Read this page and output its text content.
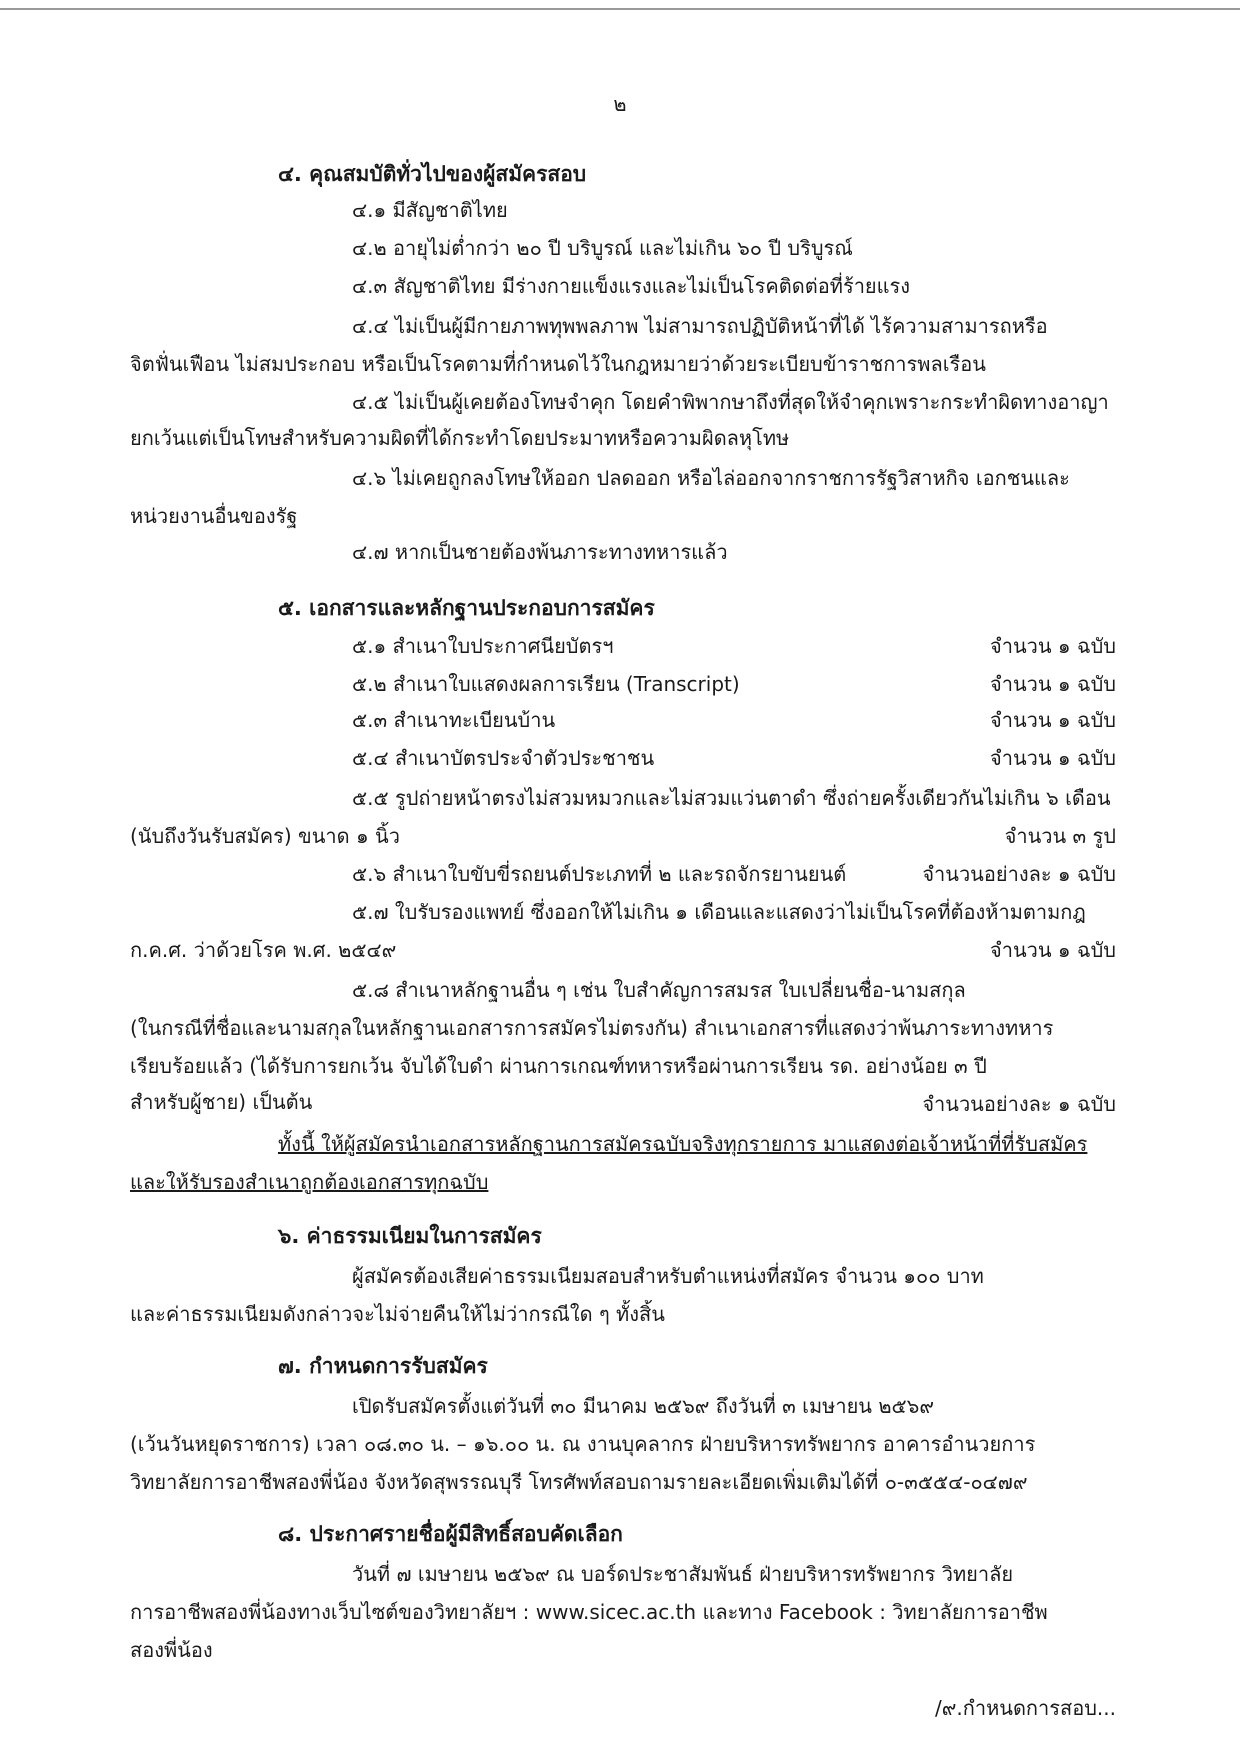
๒
๔. คุณสมบัติทั่วไปของผู้สมัครสอบ
๔.๑ มีสัญชาติไทย
๔.๒ อายุไม่ต่ำกว่า ๒๐ ปี บริบูรณ์ และไม่เกิน ๖๐ ปี บริบูรณ์
๔.๓ สัญชาติไทย มีร่างกายแข็งแรงและไม่เป็นโรคติดต่อที่ร้ายแรง
๔.๔ ไม่เป็นผู้มีกายภาพทุพพลภาพ ไม่สามารถปฏิบัติหน้าที่ได้ ไร้ความสามารถหรือ
จิตฟั่นเฟือน ไม่สมประกอบ หรือเป็นโรคตามที่กำหนดไว้ในกฎหมายว่าด้วยระเบียบข้าราชการพลเรือน
๔.๕ ไม่เป็นผู้เคยต้องโทษจำคุก โดยคำพิพากษาถึงที่สุดให้จำคุกเพราะกระทำผิดทางอาญา
ยกเว้นแต่เป็นโทษสำหรับความผิดที่ได้กระทำโดยประมาทหรือความผิดลหุโทษ
๔.๖ ไม่เคยถูกลงโทษให้ออก ปลดออก หรือไล่ออกจากราชการรัฐวิสาหกิจ เอกชนและ
หน่วยงานอื่นของรัฐ
๔.๗ หากเป็นชายต้องพ้นภาระทางทหารแล้ว
๕. เอกสารและหลักฐานประกอบการสมัคร
๕.๑ สำเนาใบประกาศนียบัตรฯ	จำนวน ๑ ฉบับ
๕.๒ สำเนาใบแสดงผลการเรียน (Transcript)	จำนวน ๑ ฉบับ
๕.๓ สำเนาทะเบียนบ้าน	จำนวน ๑ ฉบับ
๕.๔ สำเนาบัตรประจำตัวประชาชน	จำนวน ๑ ฉบับ
๕.๕ รูปถ่ายหน้าตรงไม่สวมหมวกและไม่สวมแว่นตาดำ ซึ่งถ่ายครั้งเดียวกันไม่เกิน ๖ เดือน
(นับถึงวันรับสมัคร) ขนาด ๑ นิ้ว	จำนวน ๓ รูป
๕.๖ สำเนาใบขับขี่รถยนต์ประเภทที่ ๒ และรถจักรยานยนต์	จำนวนอย่างละ ๑ ฉบับ
๕.๗ ใบรับรองแพทย์ ซึ่งออกให้ไม่เกิน ๑ เดือนและแสดงว่าไม่เป็นโรคที่ต้องห้ามตามกฎ
ก.ค.ศ. ว่าด้วยโรค พ.ศ. ๒๕๔๙	จำนวน ๑ ฉบับ
๕.๘ สำเนาหลักฐานอื่น ๆ เช่น ใบสำคัญการสมรส ใบเปลี่ยนชื่อ-นามสกุล
(ในกรณีที่ชื่อและนามสกุลในหลักฐานเอกสารการสมัครไม่ตรงกัน) สำเนาเอกสารที่แสดงว่าพ้นภาระทางทหาร
เรียบร้อยแล้ว (ได้รับการยกเว้น จับได้ใบดำ ผ่านการเกณฑ์ทหารหรือผ่านการเรียน รด. อย่างน้อย ๓ ปี
สำหรับผู้ชาย) เป็นต้น	จำนวนอย่างละ ๑ ฉบับ
ทั้งนี้ ให้ผู้สมัครนำเอกสารหลักฐานการสมัครฉบับจริงทุกรายการ มาแสดงต่อเจ้าหน้าที่ที่รับสมัคร
และให้รับรองสำเนาถูกต้องเอกสารทุกฉบับ
๖. ค่าธรรมเนียมในการสมัคร
ผู้สมัครต้องเสียค่าธรรมเนียมสอบสำหรับตำแหน่งที่สมัคร จำนวน ๑๐๐ บาท
และค่าธรรมเนียมดังกล่าวจะไม่จ่ายคืนให้ไม่ว่ากรณีใด ๆ ทั้งสิ้น
๗. กำหนดการรับสมัคร
เปิดรับสมัครตั้งแต่วันที่ ๓๐ มีนาคม ๒๕๖๙ ถึงวันที่ ๓ เมษายน ๒๕๖๙
(เว้นวันหยุดราชการ) เวลา ๐๘.๓๐ น. – ๑๖.๐๐ น. ณ งานบุคลากร ฝ่ายบริหารทรัพยากร อาคารอำนวยการ
วิทยาลัยการอาชีพสองพี่น้อง จังหวัดสุพรรณบุรี โทรศัพท์สอบถามรายละเอียดเพิ่มเติมได้ที่ ๐-๓๕๕๔-๐๔๗๙
๘. ประกาศรายชื่อผู้มีสิทธิ์สอบคัดเลือก
วันที่ ๗ เมษายน ๒๕๖๙ ณ บอร์ดประชาสัมพันธ์ ฝ่ายบริหารทรัพยากร วิทยาลัย
การอาชีพสองพี่น้องทางเว็บไซต์ของวิทยาลัยฯ : www.sicec.ac.th และทาง Facebook : วิทยาลัยการอาชีพ
สองพี่น้อง
/๙.กำหนดการสอบ...
